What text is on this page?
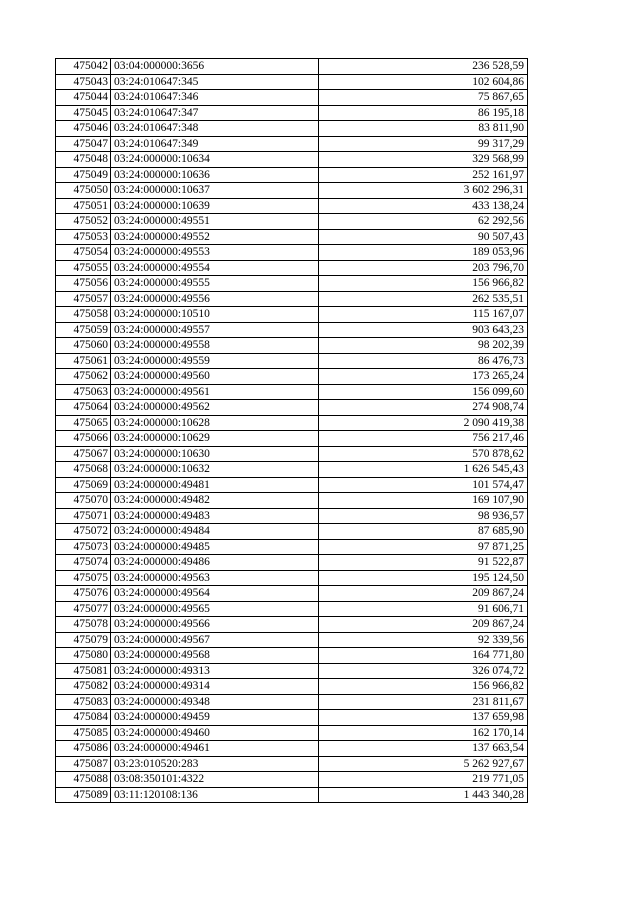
475042	03:04:000000:3656	236 528,59
475043	03:24:010647:345	102 604,86
475044	03:24:010647:346	75 867,65
475045	03:24:010647:347	86 195,18
475046	03:24:010647:348	83 811,90
475047	03:24:010647:349	99 317,29
475048	03:24:000000:10634	329 568,99
475049	03:24:000000:10636	252 161,97
475050	03:24:000000:10637	3 602 296,31
475051	03:24:000000:10639	433 138,24
475052	03:24:000000:49551	62 292,56
475053	03:24:000000:49552	90 507,43
475054	03:24:000000:49553	189 053,96
475055	03:24:000000:49554	203 796,70
475056	03:24:000000:49555	156 966,82
475057	03:24:000000:49556	262 535,51
475058	03:24:000000:10510	115 167,07
475059	03:24:000000:49557	903 643,23
475060	03:24:000000:49558	98 202,39
475061	03:24:000000:49559	86 476,73
475062	03:24:000000:49560	173 265,24
475063	03:24:000000:49561	156 099,60
475064	03:24:000000:49562	274 908,74
475065	03:24:000000:10628	2 090 419,38
475066	03:24:000000:10629	756 217,46
475067	03:24:000000:10630	570 878,62
475068	03:24:000000:10632	1 626 545,43
475069	03:24:000000:49481	101 574,47
475070	03:24:000000:49482	169 107,90
475071	03:24:000000:49483	98 936,57
475072	03:24:000000:49484	87 685,90
475073	03:24:000000:49485	97 871,25
475074	03:24:000000:49486	91 522,87
475075	03:24:000000:49563	195 124,50
475076	03:24:000000:49564	209 867,24
475077	03:24:000000:49565	91 606,71
475078	03:24:000000:49566	209 867,24
475079	03:24:000000:49567	92 339,56
475080	03:24:000000:49568	164 771,80
475081	03:24:000000:49313	326 074,72
475082	03:24:000000:49314	156 966,82
475083	03:24:000000:49348	231 811,67
475084	03:24:000000:49459	137 659,98
475085	03:24:000000:49460	162 170,14
475086	03:24:000000:49461	137 663,54
475087	03:23:010520:283	5 262 927,67
475088	03:08:350101:4322	219 771,05
475089	03:11:120108:136	1 443 340,28
